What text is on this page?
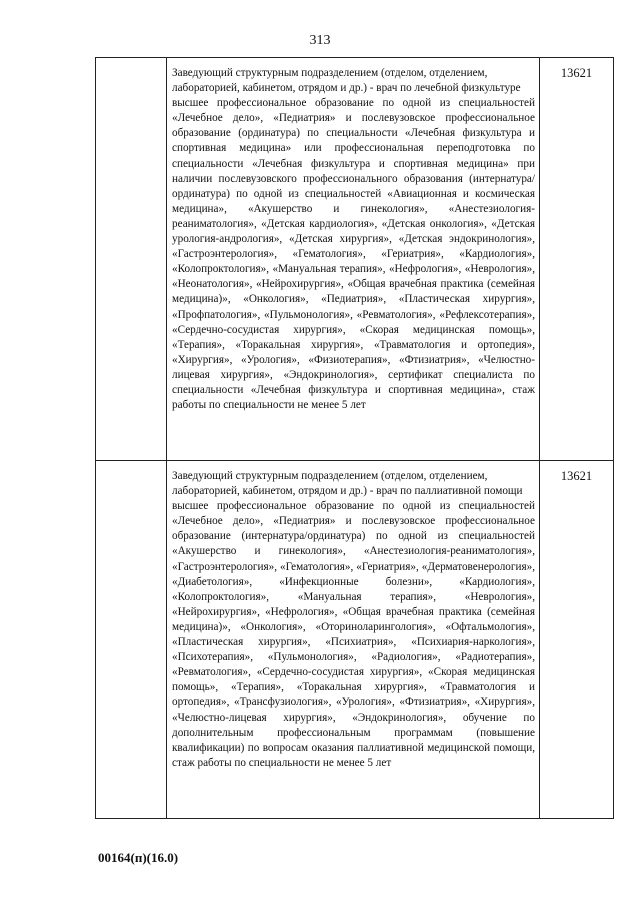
313

	Заведующий структурным подразделением (отделом, отделением, лабораторией, кабинетом, отрядом и др.) - врач по лечебной физкультуре
высшее профессиональное образование по одной из специальностей «Лечебное дело», «Педиатрия» и послевузовское профессиональное образование (ординатура) по специальности «Лечебная физкультура и спортивная медицина» или профессиональная переподготовка по специальности «Лечебная физкультура и спортивная медицина» при наличии послевузовского профессионального образования (интернатура/ординатура) по одной из специальностей «Авиационная и космическая медицина», «Акушерство и гинекология», «Анестезиология-реаниматология», «Детская кардиология», «Детская онкология», «Детская урология-андрология», «Детская хирургия», «Детская эндокринология», «Гастроэнтерология», «Гематология», «Гериатрия», «Кардиология», «Колопроктология», «Мануальная терапия», «Нефрология», «Неврология», «Неонатология», «Нейрохирургия», «Общая врачебная практика (семейная медицина)», «Онкология», «Педиатрия», «Пластическая хирургия», «Профпатология», «Пульмонология», «Ревматология», «Рефлексотерапия», «Сердечно-сосудистая хирургия», «Скорая медицинская помощь», «Терапия», «Торакальная хирургия», «Травматология и ортопедия», «Хирургия», «Урология», «Физиотерапия», «Фтизиатрия», «Челюстно-лицевая хирургия», «Эндокринология», сертификат специалиста по специальности «Лечебная физкультура и спортивная медицина», стаж работы по специальности не менее 5 лет	13621

	Заведующий структурным подразделением (отделом, отделением, лабораторией, кабинетом, отрядом и др.) - врач по паллиативной помощи
высшее профессиональное образование по одной из специальностей «Лечебное дело», «Педиатрия» и послевузовское профессиональное образование (интернатура/ординатура) по одной из специальностей «Акушерство и гинекология», «Анестезиология-реаниматология», «Гастроэнтерология», «Гематология», «Гериатрия», «Дерматовенерология», «Диабетология», «Инфекционные болезни», «Кардиология», «Колопроктология», «Мануальная терапия», «Неврология», «Нейрохирургия», «Нефрология», «Общая врачебная практика (семейная медицина)», «Онкология», «Оториноларингология», «Офтальмология», «Пластическая хирургия», «Психиатрия», «Психиария-наркология», «Психотерапия», «Пульмонология», «Радиология», «Радиотерапия», «Ревматология», «Сердечно-сосудистая хирургия», «Скорая медицинская помощь», «Терапия», «Торакальная хирургия», «Травматология и ортопедия», «Трансфузиология», «Урология», «Фтизиатрия», «Хирургия», «Челюстно-лицевая хирургия», «Эндокринология», обучение по дополнительным профессиональным программам (повышение квалификации) по вопросам оказания паллиативной медицинской помощи, стаж работы по специальности не менее 5 лет	13621
00164(п)(16.0)
